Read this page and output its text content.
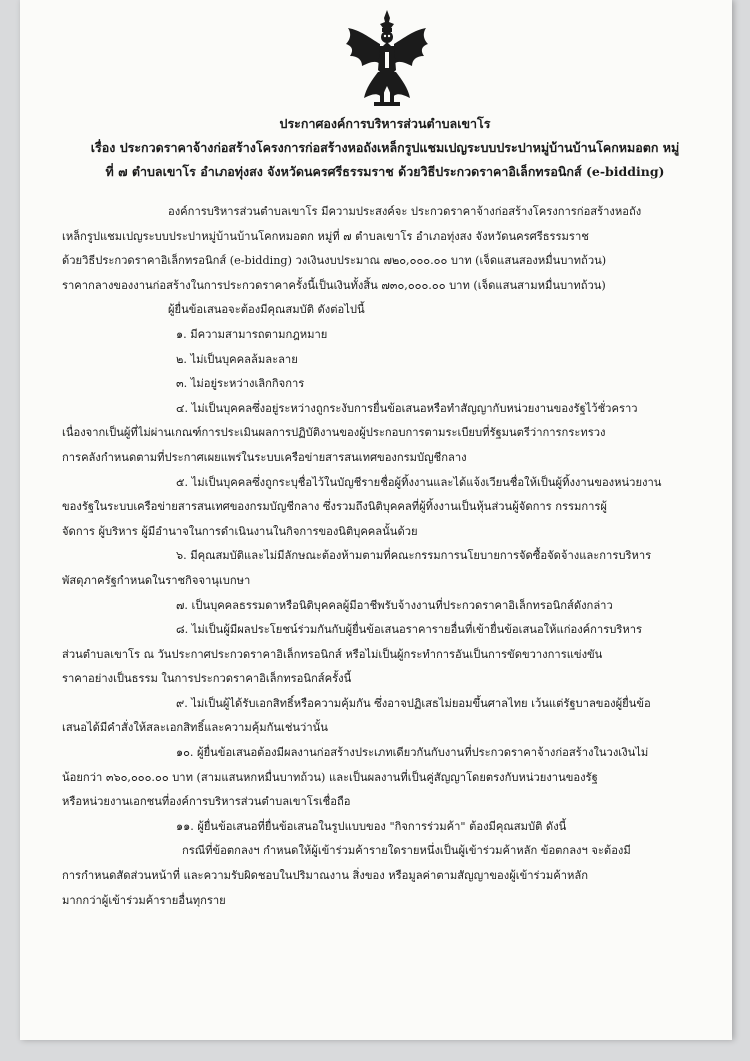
ประกาศองค์การบริหารส่วนตำบลเขาโร
เรื่อง ประกวดราคาจ้างก่อสร้างโครงการก่อสร้างหอถังเหล็กรูปแชมเปญระบบประปาหมู่บ้านบ้านโคกหมอตก หมู่
ที่ ๗ ตำบลเขาโร อำเภอทุ่งสง จังหวัดนครศรีธรรมราช ด้วยวิธีประกวดราคาอิเล็กทรอนิกส์ (e-bidding)
องค์การบริหารส่วนตำบลเขาโร มีความประสงค์จะ ประกวดราคาจ้างก่อสร้างโครงการก่อสร้างหอถัง
เหล็กรูปแชมเปญระบบประปาหมู่บ้านบ้านโคกหมอตก หมู่ที่ ๗ ตำบลเขาโร อำเภอทุ่งสง จังหวัดนครศรีธรรมราช
ด้วยวิธีประกวดราคาอิเล็กทรอนิกส์ (e-bidding) วงเงินงบประมาณ ๗๒๐,๐๐๐.๐๐ บาท (เจ็ดแสนสองหมื่นบาทถ้วน)
ราคากลางของงานก่อสร้างในการประกวดราคาครั้งนี้เป็นเงินทั้งสิ้น ๗๓๐,๐๐๐.๐๐ บาท (เจ็ดแสนสามหมื่นบาทถ้วน)
ผู้ยื่นข้อเสนอจะต้องมีคุณสมบัติ ดังต่อไปนี้
๑. มีความสามารถตามกฎหมาย
๒. ไม่เป็นบุคคลล้มละลาย
๓. ไม่อยู่ระหว่างเลิกกิจการ
๔. ไม่เป็นบุคคลซึ่งอยู่ระหว่างถูกระงับการยื่นข้อเสนอหรือทำสัญญากับหน่วยงานของรัฐไว้ชั่วคราว
เนื่องจากเป็นผู้ที่ไม่ผ่านเกณฑ์การประเมินผลการปฏิบัติงานของผู้ประกอบการตามระเบียบที่รัฐมนตรีว่าการกระทรวง
การคลังกำหนดตามที่ประกาศเผยแพร่ในระบบเครือข่ายสารสนเทศของกรมบัญชีกลาง
๕. ไม่เป็นบุคคลซึ่งถูกระบุชื่อไว้ในบัญชีรายชื่อผู้ทิ้งงานและได้แจ้งเวียนชื่อให้เป็นผู้ทิ้งงานของหน่วยงาน
ของรัฐในระบบเครือข่ายสารสนเทศของกรมบัญชีกลาง ซึ่งรวมถึงนิติบุคคลที่ผู้ทิ้งงานเป็นหุ้นส่วนผู้จัดการ กรรมการผู้
จัดการ ผู้บริหาร ผู้มีอำนาจในการดำเนินงานในกิจการของนิติบุคคลนั้นด้วย
๖. มีคุณสมบัติและไม่มีลักษณะต้องห้ามตามที่คณะกรรมการนโยบายการจัดซื้อจัดจ้างและการบริหาร
พัสดุภาครัฐกำหนดในราชกิจจานุเบกษา
๗. เป็นบุคคลธรรมดาหรือนิติบุคคลผู้มีอาชีพรับจ้างงานที่ประกวดราคาอิเล็กทรอนิกส์ดังกล่าว
๘. ไม่เป็นผู้มีผลประโยชน์ร่วมกันกับผู้ยื่นข้อเสนอราคารายอื่นที่เข้ายื่นข้อเสนอให้แก่องค์การบริหาร
ส่วนตำบลเขาโร ณ วันประกาศประกวดราคาอิเล็กทรอนิกส์ หรือไม่เป็นผู้กระทำการอันเป็นการขัดขวางการแข่งขัน
ราคาอย่างเป็นธรรม ในการประกวดราคาอิเล็กทรอนิกส์ครั้งนี้
๙. ไม่เป็นผู้ได้รับเอกสิทธิ์หรือความคุ้มกัน ซึ่งอาจปฏิเสธไม่ยอมขึ้นศาลไทย เว้นแต่รัฐบาลของผู้ยื่นข้อ
เสนอได้มีคำสั่งให้สละเอกสิทธิ์และความคุ้มกันเช่นว่านั้น
๑๐. ผู้ยื่นข้อเสนอต้องมีผลงานก่อสร้างประเภทเดียวกันกับงานที่ประกวดราคาจ้างก่อสร้างในวงเงินไม่
น้อยกว่า ๓๖๐,๐๐๐.๐๐ บาท (สามแสนหกหมื่นบาทถ้วน) และเป็นผลงานที่เป็นคู่สัญญาโดยตรงกับหน่วยงานของรัฐ
หรือหน่วยงานเอกชนที่องค์การบริหารส่วนตำบลเขาโรเชื่อถือ
๑๑. ผู้ยื่นข้อเสนอที่ยื่นข้อเสนอในรูปแบบของ "กิจการร่วมค้า" ต้องมีคุณสมบัติ ดังนี้
กรณีที่ข้อตกลงฯ กำหนดให้ผู้เข้าร่วมค้ารายใดรายหนึ่งเป็นผู้เข้าร่วมค้าหลัก ข้อตกลงฯ จะต้องมี
การกำหนดสัดส่วนหน้าที่ และความรับผิดชอบในปริมาณงาน สิ่งของ หรือมูลค่าตามสัญญาของผู้เข้าร่วมค้าหลัก
มากกว่าผู้เข้าร่วมค้ารายอื่นทุกราย
